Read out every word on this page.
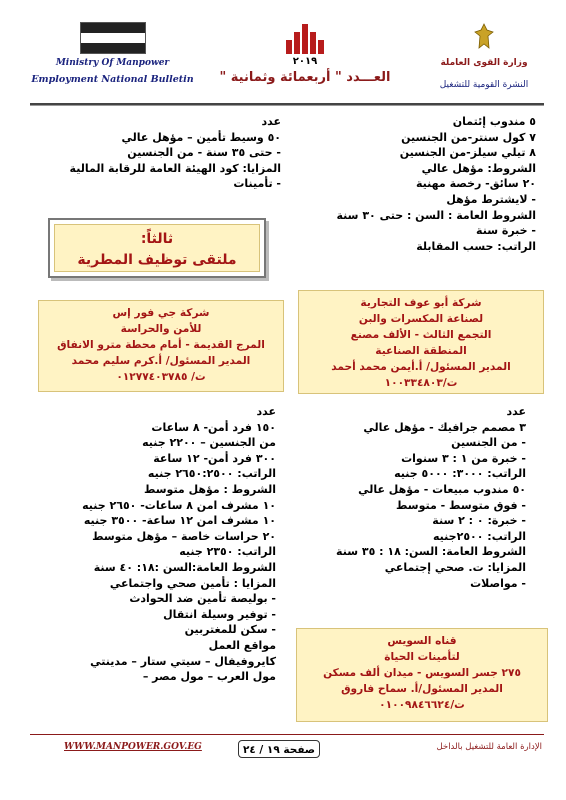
Ministry Of Manpower
Employment National Bulletin
٢٠١٩
العـــدد " أربعمائة وثمانية "
وزارة القوى العاملة
النشرة القومية للتشغيل
٥ مندوب إئتمان
٧ كول سنتر-من الجنسين
٨ تيلي سيلز-من الجنسين
الشروط: مؤهل عالي
٢٠ سائق- رخصة مهنية
- لايشترط مؤهل
الشروط العامة : السن : حتى ٣٠ سنة
- خبرة سنة
الراتب: حسب المقابلة
عدد
٥٠ وسيط تأمين – مؤهل عالي
- حتى ٣٥ سنة - من الجنسين
المزايا: كود الهيئة العامة للرقابة المالية
- تأمينات
ثالثاً:
ملتقى توظيف المطرية
شركة أبو عوف التجارية
لصناعة المكسرات والبن
التجمع الثالث - الألف مصنع
المنطقة الصناعية
المدير المسئول/ أ.أيمن محمد أحمد
ت/١٠٠٣٣٤٨٠٣
شركة جي فور إس
للأمن والحراسة
المرج القديمة - أمام محطة مترو الانفاق
المدير المسئول/ أ.كرم سليم محمد
ت/ ٠١٢٧٧٤٠٣٧٨٥
عدد
٣ مصمم جرافيك - مؤهل عالي
- من الجنسين
- خبرة من ١ : ٣ سنوات
الراتب: ٣٠٠٠: ٥٠٠٠ جنيه
٥٠ مندوب مبيعات - مؤهل عالي
- فوق متوسط - متوسط
- خبرة: ٠ : ٢ سنة
الراتب: ٢٥٠٠جنيه
الشروط العامة: السن: ١٨ : ٣٥ سنة
المزايا: ت. صحي إجتماعي
- مواصلات
عدد
١٥٠ فرد أمن- ٨ ساعات
من الجنسين – ٢٢٠٠ جنيه
٣٠٠ فرد أمن- ١٢ ساعة
الراتب: ٢٦٥٠:٢٥٠٠ جنيه
الشروط : مؤهل متوسط
١٠ مشرف امن ٨ ساعات- ٢٦٥٠ جنيه
١٠ مشرف امن ١٢ ساعة- ٣٥٠٠ جنيه
٢٠ حراسات خاصة – مؤهل متوسط
الراتب: ٢٣٥٠ جنيه
الشروط العامة:السن :١٨: ٤٠ سنة
المزايا : تأمين صحي واجتماعي
- بوليصة تأمين ضد الحوادث
- توفير وسيلة انتقال
- سكن للمغتربين
مواقع العمل
كايروفيفال – سيتي ستار – مدينتي
مول العرب – مول مصر –
قناه السويس
لتأمينات الحياة
٢٧٥ جسر السويس - ميدان ألف مسكن
المدير المسئول/أ. سماح فاروق
ت/٠١٠٠٩٨٤٦٦٢٤
WWW.MANPOWER.GOV.EG	صفحة ١٩ / ٢٤	الإدارة العامة للتشغيل بالداخل
